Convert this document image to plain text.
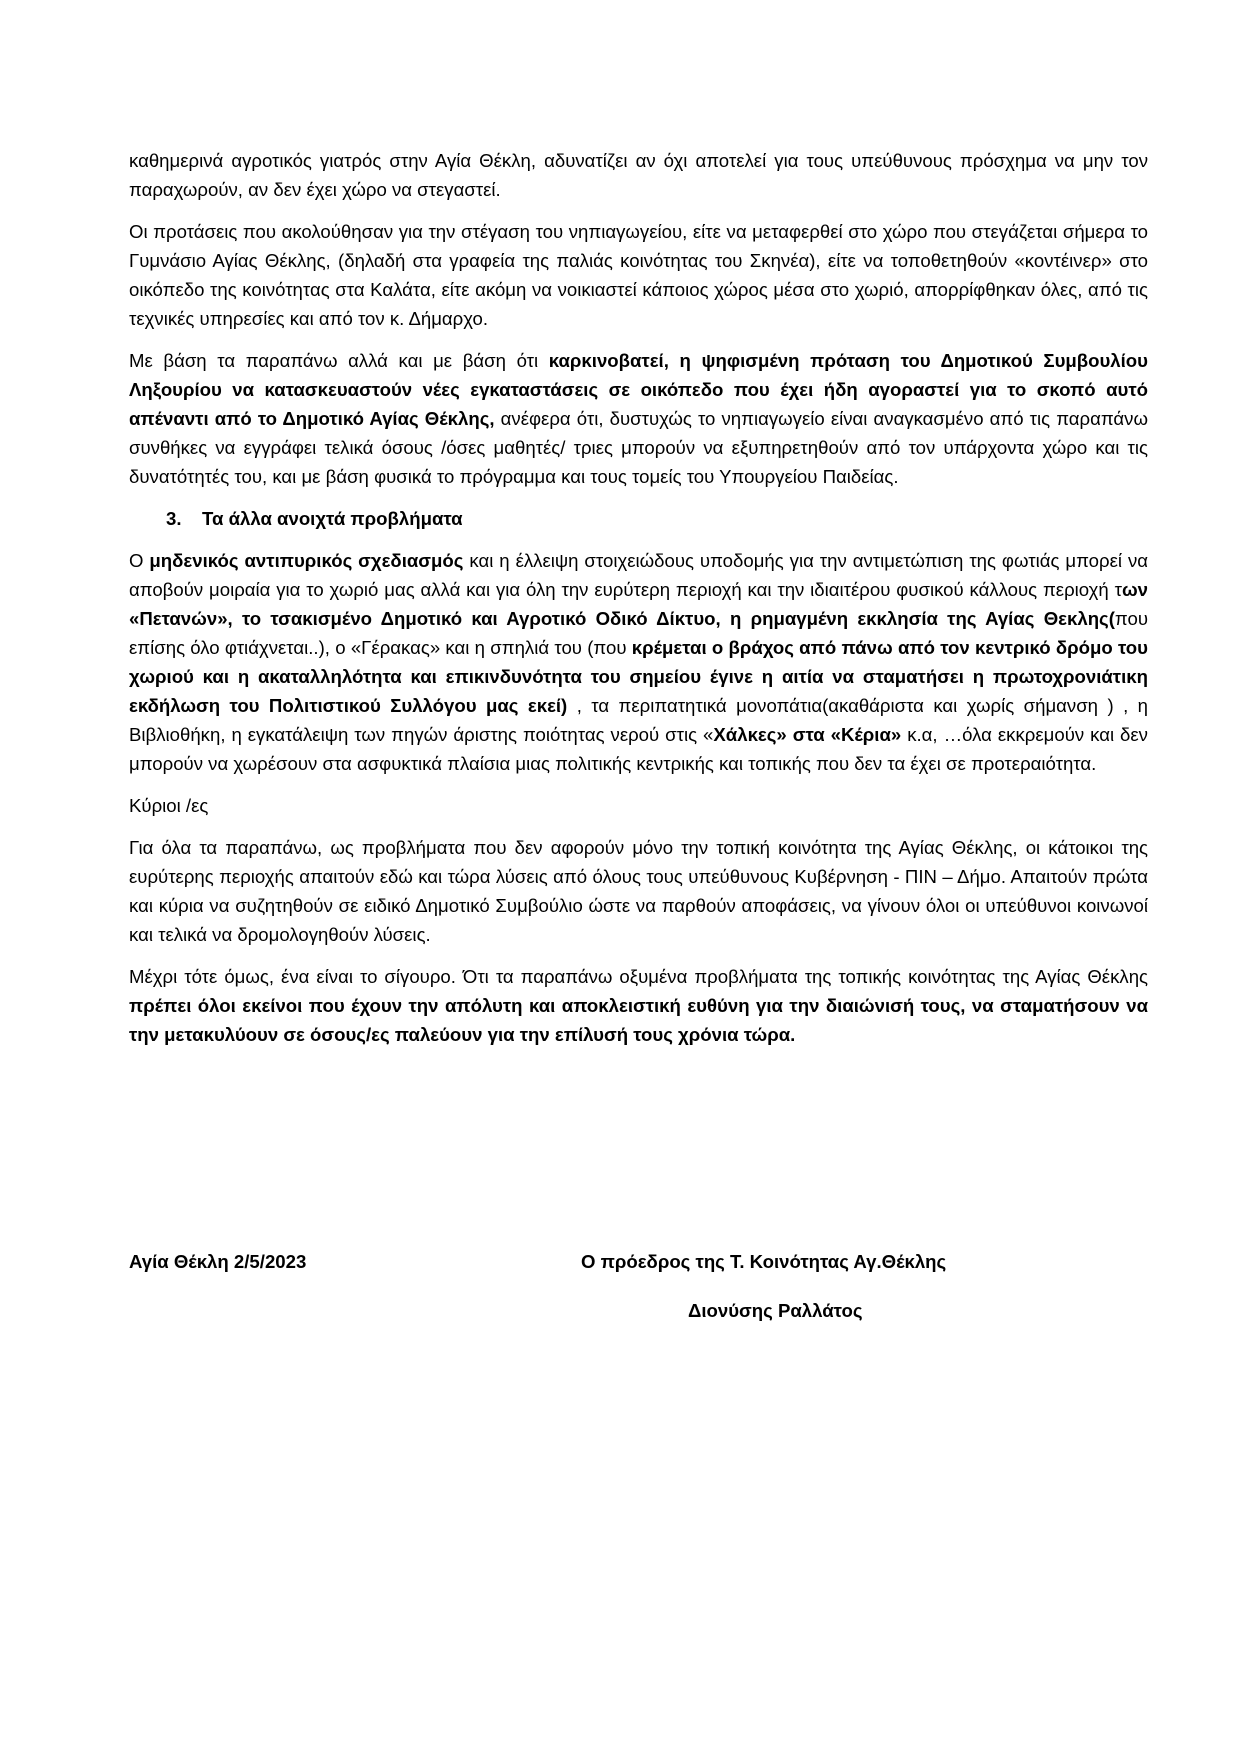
καθημερινά αγροτικός γιατρός στην Αγία Θέκλη, αδυνατίζει αν όχι αποτελεί για τους υπεύθυνους πρόσχημα να μην τον παραχωρούν, αν δεν έχει χώρο να στεγαστεί.

Οι προτάσεις που ακολούθησαν για την στέγαση του νηπιαγωγείου, είτε να μεταφερθεί στο χώρο που στεγάζεται σήμερα το Γυμνάσιο Αγίας Θέκλης, (δηλαδή στα γραφεία της παλιάς κοινότητας του Σκηνέα), είτε να τοποθετηθούν «κοντέινερ» στο οικόπεδο της κοινότητας στα Καλάτα, είτε ακόμη να νοικιαστεί κάποιος χώρος μέσα στο χωριό, απορρίφθηκαν όλες, από τις τεχνικές υπηρεσίες και από τον κ. Δήμαρχο.

Με βάση τα παραπάνω αλλά και με βάση ότι καρκινοβατεί, η ψηφισμένη πρόταση του Δημοτικού Συμβουλίου Ληξουρίου να κατασκευαστούν νέες εγκαταστάσεις σε οικόπεδο που έχει ήδη αγοραστεί για το σκοπό αυτό απέναντι από το Δημοτικό Αγίας Θέκλης, ανέφερα ότι, δυστυχώς το νηπιαγωγείο είναι αναγκασμένο από τις παραπάνω συνθήκες να εγγράφει τελικά όσους /όσες μαθητές/ τριες μπορούν να εξυπηρετηθούν από τον υπάρχοντα χώρο και τις δυνατότητές του, και με βάση φυσικά το πρόγραμμα και τους τομείς του Υπουργείου Παιδείας.

3. Τα άλλα ανοιχτά προβλήματα

Ο μηδενικός αντιπυρικός σχεδιασμός και η έλλειψη στοιχειώδους υποδομής για την αντιμετώπιση της φωτιάς μπορεί να αποβούν μοιραία για το χωριό μας αλλά και για όλη την ευρύτερη περιοχή και την ιδιαιτέρου φυσικού κάλλους περιοχή των «Πετανών», το τσακισμένο Δημοτικό και Αγροτικό Οδικό Δίκτυο, η ρημαγμένη εκκλησία της Αγίας Θεκλης(που επίσης όλο φτιάχνεται..), ο «Γέρακας» και η σπηλιά του (που κρέμεται ο βράχος από πάνω από τον κεντρικό δρόμο του χωριού και η ακαταλληλότητα και επικινδυνότητα του σημείου έγινε η αιτία να σταματήσει η πρωτοχρονιάτικη εκδήλωση του Πολιτιστικού Συλλόγου μας εκεί) , τα περιπατητικά μονοπάτια(ακαθάριστα και χωρίς σήμανση ) , η Βιβλιοθήκη, η εγκατάλειψη των πηγών άριστης ποιότητας νερού στις «Χάλκες» στα «Κέρια» κ.α, …όλα εκκρεμούν και δεν μπορούν να χωρέσουν στα ασφυκτικά πλαίσια μιας πολιτικής κεντρικής και τοπικής που δεν τα έχει σε προτεραιότητα.

Κύριοι /ες

Για όλα τα παραπάνω, ως προβλήματα που δεν αφορούν μόνο την τοπική κοινότητα της Αγίας Θέκλης, οι κάτοικοι της ευρύτερης περιοχής απαιτούν εδώ και τώρα λύσεις από όλους τους υπεύθυνους Κυβέρνηση - ΠΙΝ – Δήμο. Απαιτούν πρώτα και κύρια να συζητηθούν σε ειδικό Δημοτικό Συμβούλιο ώστε να παρθούν αποφάσεις, να γίνουν όλοι οι υπεύθυνοι κοινωνοί και τελικά να δρομολογηθούν λύσεις.

Μέχρι τότε όμως, ένα είναι το σίγουρο. Ότι τα παραπάνω οξυμένα προβλήματα της τοπικής κοινότητας της Αγίας Θέκλης πρέπει όλοι εκείνοι που έχουν την απόλυτη και αποκλειστική ευθύνη για την διαιώνισή τους, να σταματήσουν να την μετακυλύουν σε όσους/ες παλεύουν για την επίλυσή τους χρόνια τώρα.

Αγία Θέκλη 2/5/2023	Ο πρόεδρος της Τ. Κοινότητας Αγ.Θέκλης
Διονύσης Ραλλάτος
